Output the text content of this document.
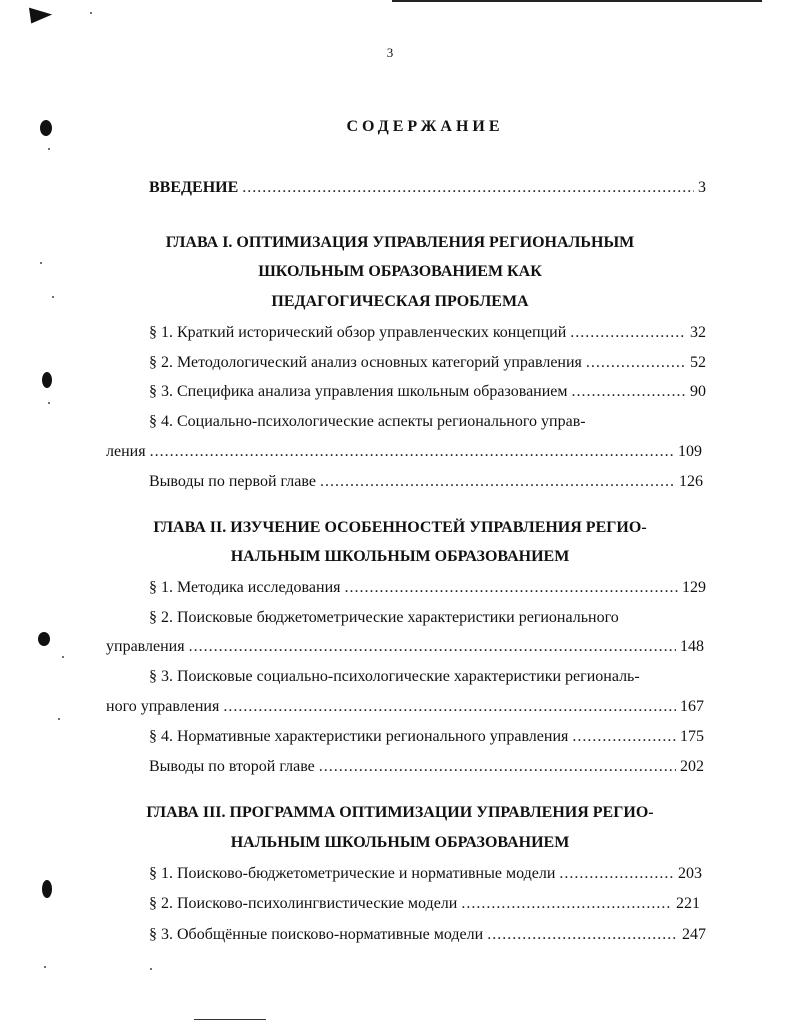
3
СОДЕРЖАНИЕ
ВВЕДЕНИЕ .....	3
ГЛАВА I. ОПТИМИЗАЦИЯ УПРАВЛЕНИЯ РЕГИОНАЛЬНЫМ
ШКОЛЬНЫМ ОБРАЗОВАНИЕМ КАК
ПЕДАГОГИЧЕСКАЯ ПРОБЛЕМА
§ 1. Краткий исторический обзор управленческих концепций .....	32
§ 2. Методологический анализ основных категорий управления .....	52
§ 3. Специфика анализа управления школьным образованием .....	90
§ 4. Социально-психологические аспекты регионального управ-
ления .....	109
Выводы по первой главе .....	126
ГЛАВА II. ИЗУЧЕНИЕ ОСОБЕННОСТЕЙ УПРАВЛЕНИЯ РЕГИО-
НАЛЬНЫМ ШКОЛЬНЫМ ОБРАЗОВАНИЕМ
§ 1. Методика исследования .....	129
§ 2. Поисковые бюджетометрические характеристики регионального
управления .....	148
§ 3. Поисковые социально-психологические характеристики региональ-
ного управления .....	167
§ 4. Нормативные характеристики регионального управления .....	175
Выводы по второй главе .....	202
ГЛАВА III. ПРОГРАММА ОПТИМИЗАЦИИ УПРАВЛЕНИЯ РЕГИО-
НАЛЬНЫМ ШКОЛЬНЫМ ОБРАЗОВАНИЕМ
§ 1. Поисково-бюджетометрические и нормативные модели .....	203
§ 2. Поисково-психолингвистические модели .....	221
§ 3. Обобщённые поисково-нормативные модели .....	247
